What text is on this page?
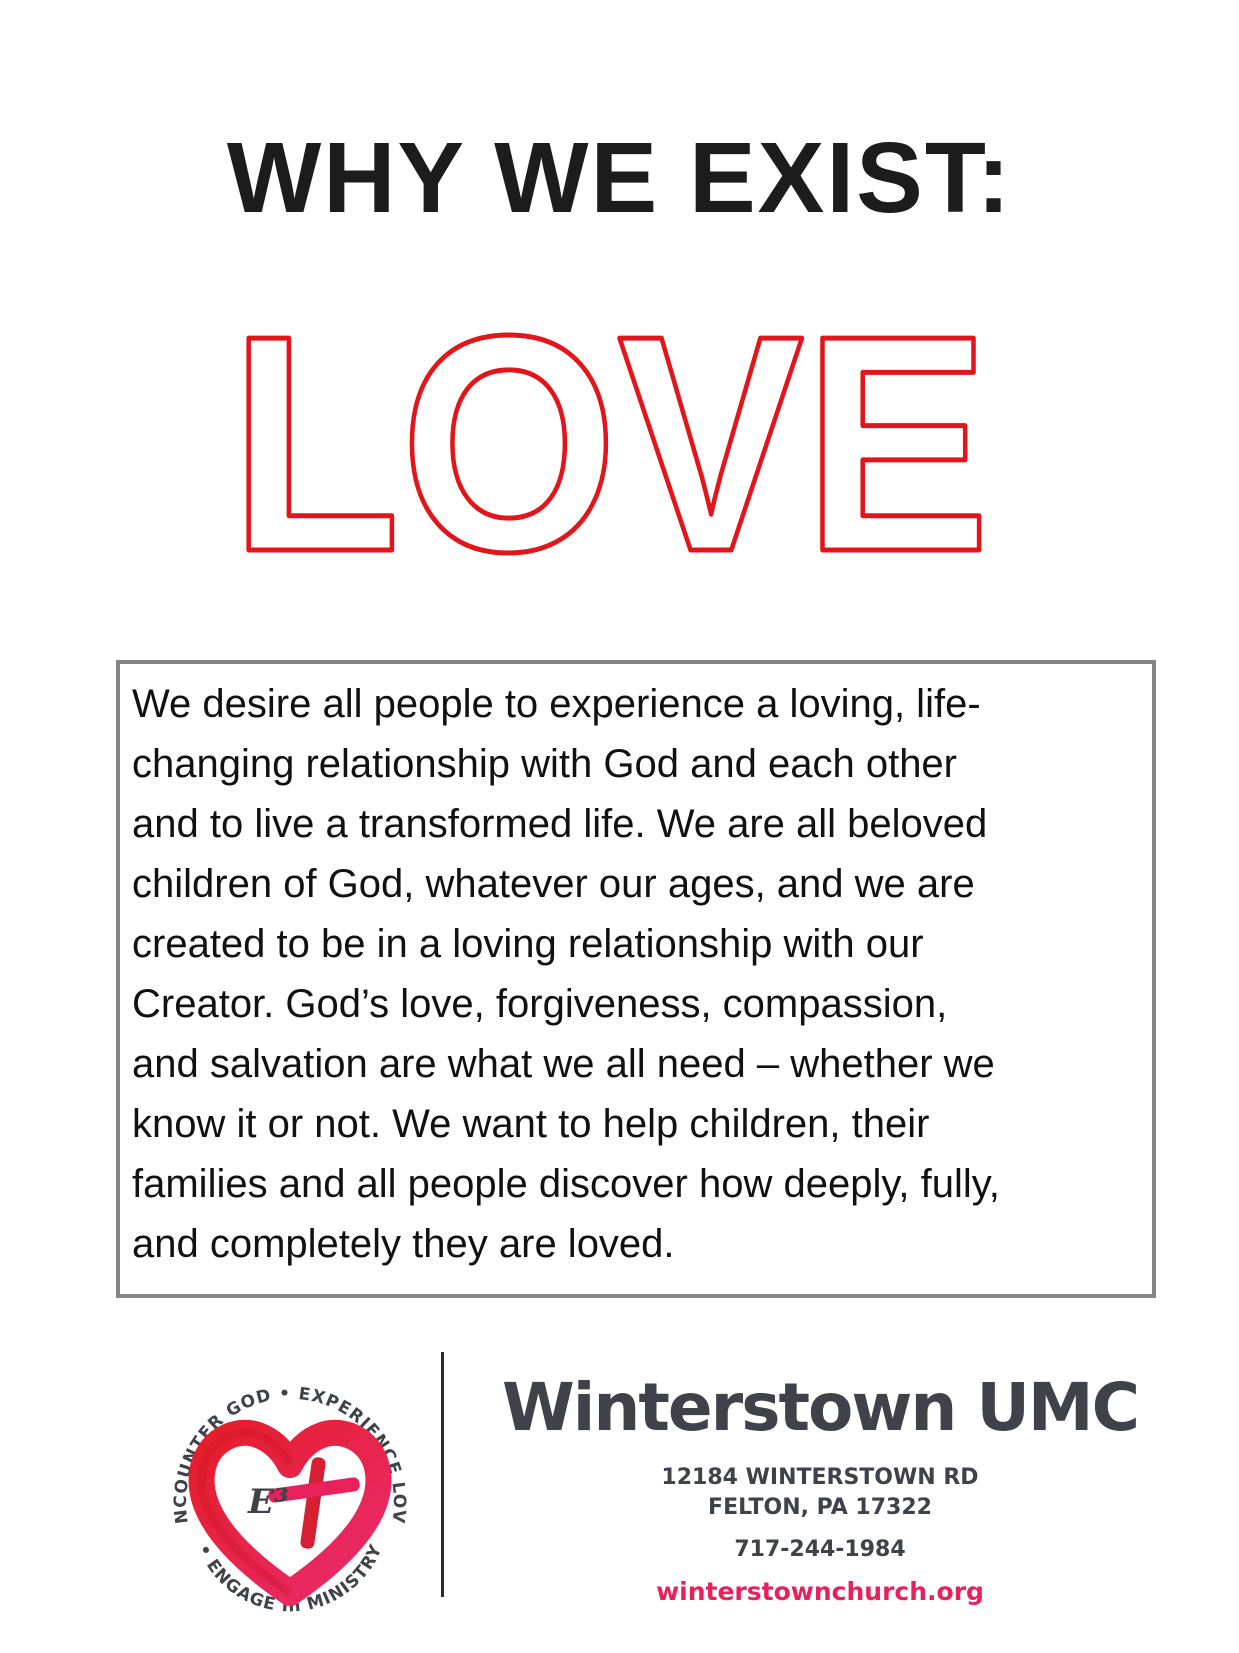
WHY WE EXIST:
LOVE

We desire all people to experience a loving, life-
changing relationship with God and each other
and to live a transformed life. We are all beloved
children of God, whatever our ages, and we are
created to be in a loving relationship with our
Creator. God’s love, forgiveness, compassion,
and salvation are what we all need – whether we
know it or not. We want to help children, their
families and all people discover how deeply, fully,
and completely they are loved.

NCOUNTER GOD • EXPERIENCE LOV
• ENGAGE In MINISTRY
E³

Winterstown UMC

12184 WINTERSTOWN RD

FELTON, PA 17322

717-244-1984

winterstownchurch.org
